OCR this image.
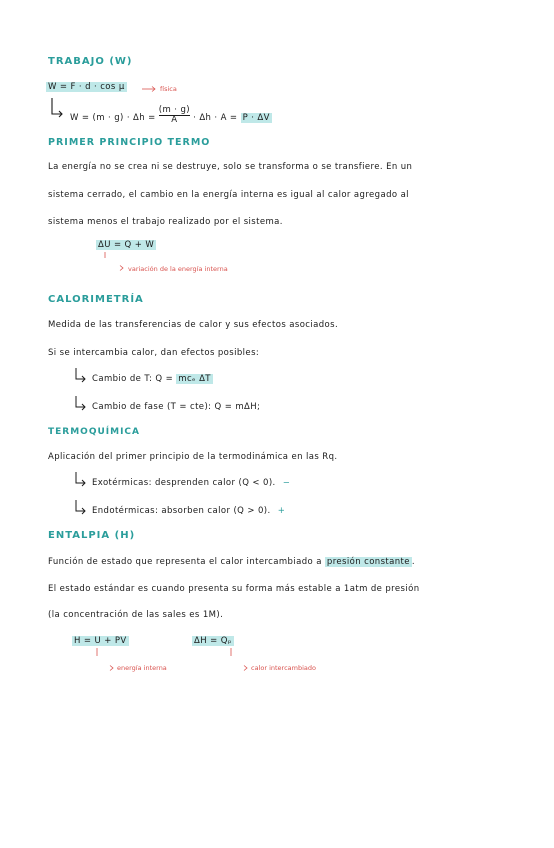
TRABAJO (W)
W = F · d · cos μ	física
$W = (m \cdot g) \cdot \Delta h = \frac{(m \cdot g)}{A} \cdot \Delta h \cdot A = P \cdot \Delta V$
PRIMER PRINCIPIO TERMO
La energía no se crea ni se destruye, solo se transforma o se transfiere. En un
sistema cerrado, el cambio en la energía interna es igual al calor agregado al
sistema menos el trabajo realizado por el sistema.
ΔU = Q + W
variación de la energía interna
CALORIMETRÍA
Medida de las transferencias de calor y sus efectos asociados.
Si se intercambia calor, dan efectos posibles:
Cambio de T: Q = mcₑ ΔT
Cambio de fase (T = cte): Q = mΔH;
TERMOQUÍMICA
Aplicación del primer principio de la termodinámica en las Rq.
Exotérmicas: desprenden calor (Q < 0). −
Endotérmicas: absorben calor (Q > 0). +
ENTALPIA (H)
Función de estado que representa el calor intercambiado a presión constante .
El estado estándar es cuando presenta su forma más estable a 1atm de presión
(la concentración de las sales es 1M).
H = U + PV
energía interna
ΔH = Qₚ
calor intercambiado
